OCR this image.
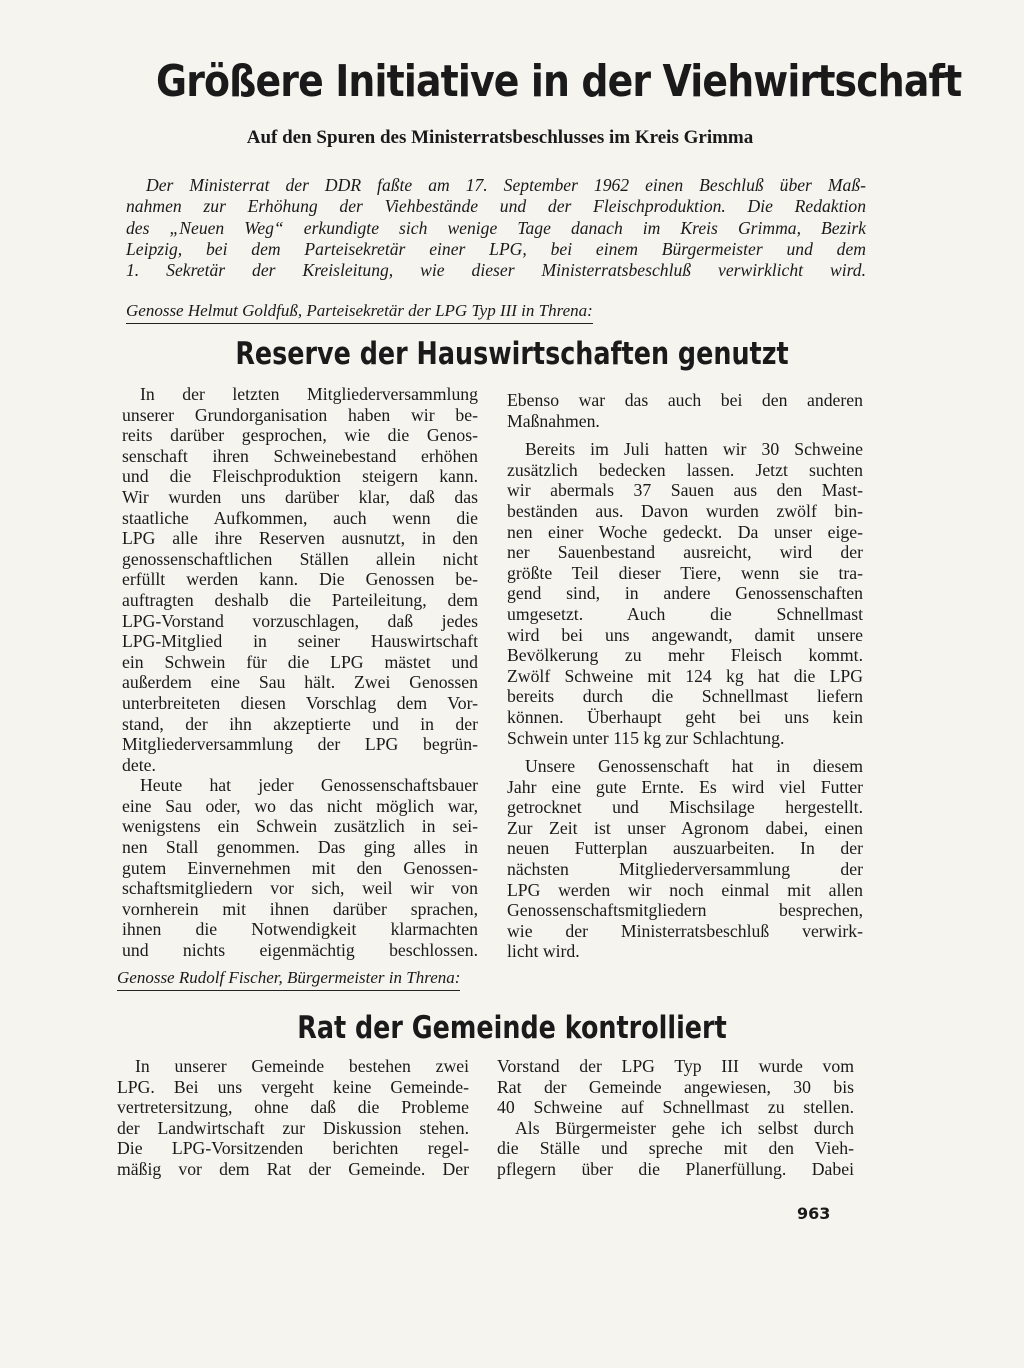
Größere Initiative in der Viehwirtschaft
Auf den Spuren des Ministerratsbeschlusses im Kreis Grimma
Der Ministerrat der DDR faßte am 17. September 1962 einen Beschluß über Maß-
nahmen zur Erhöhung der Viehbestände und der Fleischproduktion. Die Redaktion
des „Neuen Weg“ erkundigte sich wenige Tage danach im Kreis Grimma, Bezirk
Leipzig, bei dem Parteisekretär einer LPG, bei einem Bürgermeister und dem
1. Sekretär der Kreisleitung, wie dieser Ministerratsbeschluß verwirklicht wird.
Genosse Helmut Goldfuß, Parteisekretär der LPG Typ III in Threna:
Reserve der Hauswirtschaften genutzt
In der letzten Mitgliederversammlung
unserer Grundorganisation haben wir be-
reits darüber gesprochen, wie die Genos-
senschaft ihren Schweinebestand erhöhen
und die Fleischproduktion steigern kann.
Wir wurden uns darüber klar, daß das
staatliche Aufkommen, auch wenn die
LPG alle ihre Reserven ausnutzt, in den
genossenschaftlichen Ställen allein nicht
erfüllt werden kann. Die Genossen be-
auftragten deshalb die Parteileitung, dem
LPG-Vorstand vorzuschlagen, daß jedes
LPG-Mitglied in seiner Hauswirtschaft
ein Schwein für die LPG mästet und
außerdem eine Sau hält. Zwei Genossen
unterbreiteten diesen Vorschlag dem Vor-
stand, der ihn akzeptierte und in der
Mitgliederversammlung der LPG begrün-
dete.
Heute hat jeder Genossenschaftsbauer
eine Sau oder, wo das nicht möglich war,
wenigstens ein Schwein zusätzlich in sei-
nen Stall genommen. Das ging alles in
gutem Einvernehmen mit den Genossen-
schaftsmitgliedern vor sich, weil wir von
vornherein mit ihnen darüber sprachen,
ihnen die Notwendigkeit klarmachten
und nichts eigenmächtig beschlossen.
Ebenso war das auch bei den anderen
Maßnahmen.
Bereits im Juli hatten wir 30 Schweine
zusätzlich bedecken lassen. Jetzt suchten
wir abermals 37 Sauen aus den Mast-
beständen aus. Davon wurden zwölf bin-
nen einer Woche gedeckt. Da unser eige-
ner Sauenbestand ausreicht, wird der
größte Teil dieser Tiere, wenn sie tra-
gend sind, in andere Genossenschaften
umgesetzt. Auch die Schnellmast
wird bei uns angewandt, damit unsere
Bevölkerung zu mehr Fleisch kommt.
Zwölf Schweine mit 124 kg hat die LPG
bereits durch die Schnellmast liefern
können. Überhaupt geht bei uns kein
Schwein unter 115 kg zur Schlachtung.
Unsere Genossenschaft hat in diesem
Jahr eine gute Ernte. Es wird viel Futter
getrocknet und Mischsilage hergestellt.
Zur Zeit ist unser Agronom dabei, einen
neuen Futterplan auszuarbeiten. In der
nächsten Mitgliederversammlung der
LPG werden wir noch einmal mit allen
Genossenschaftsmitgliedern besprechen,
wie der Ministerratsbeschluß verwirk-
licht wird.
Genosse Rudolf Fischer, Bürgermeister in Threna:
Rat der Gemeinde kontrolliert
In unserer Gemeinde bestehen zwei
LPG. Bei uns vergeht keine Gemeinde-
vertretersitzung, ohne daß die Probleme
der Landwirtschaft zur Diskussion stehen.
Die LPG-Vorsitzenden berichten regel-
mäßig vor dem Rat der Gemeinde. Der
Vorstand der LPG Typ III wurde vom
Rat der Gemeinde angewiesen, 30 bis
40 Schweine auf Schnellmast zu stellen.
Als Bürgermeister gehe ich selbst durch
die Ställe und spreche mit den Vieh-
pflegern über die Planerfüllung. Dabei
963
